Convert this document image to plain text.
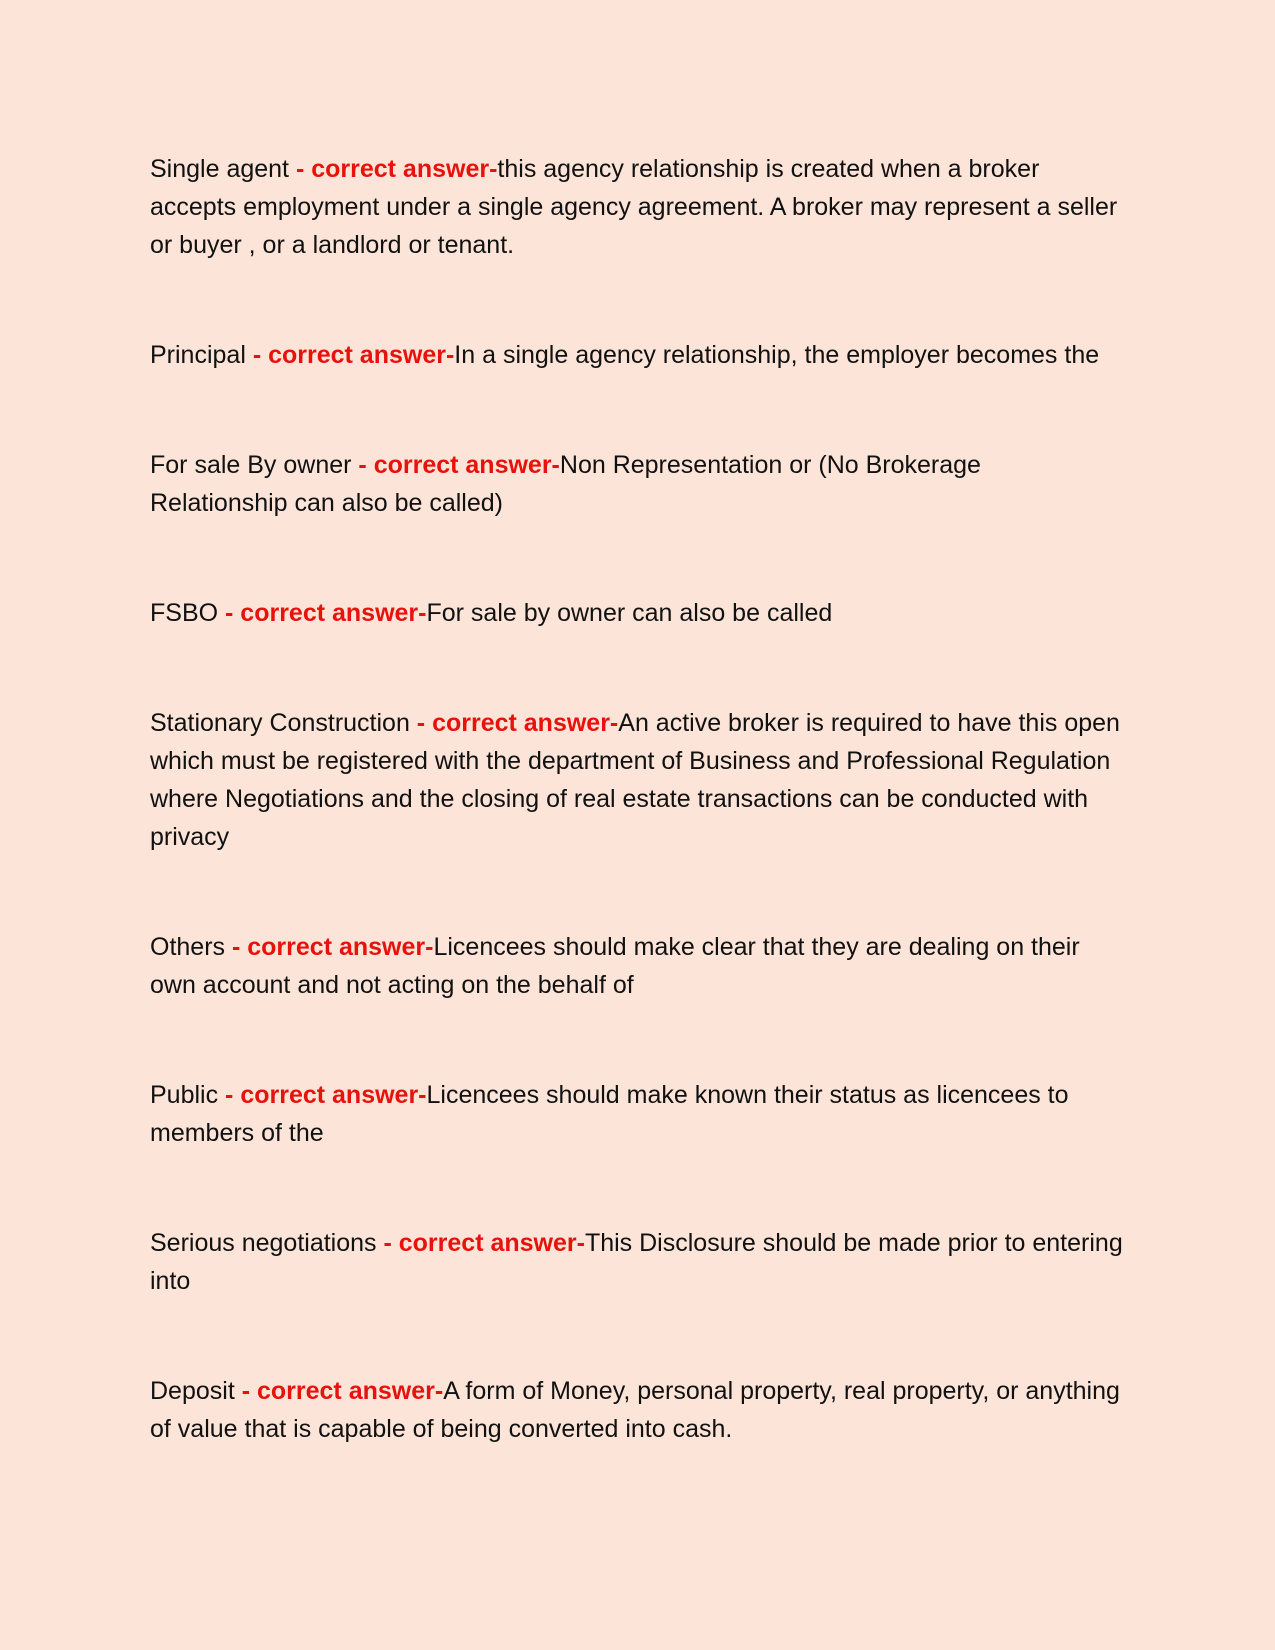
Single agent - correct answer-this agency relationship is created when a broker accepts employment under a single agency agreement. A broker may represent a seller or buyer , or a landlord or tenant.

Principal - correct answer-In a single agency relationship, the employer becomes the

For sale By owner - correct answer-Non Representation or (No Brokerage Relationship can also be called)

FSBO - correct answer-For sale by owner can also be called

Stationary Construction - correct answer-An active broker is required to have this open which must be registered with the department of Business and Professional Regulation where Negotiations and the closing of real estate transactions can be conducted with privacy

Others - correct answer-Licencees should make clear that they are dealing on their own account and not acting on the behalf of

Public - correct answer-Licencees should make known their status as licencees to members of the

Serious negotiations - correct answer-This Disclosure should be made prior to entering into

Deposit - correct answer-A form of Money, personal property, real property, or anything of value that is capable of being converted into cash.
